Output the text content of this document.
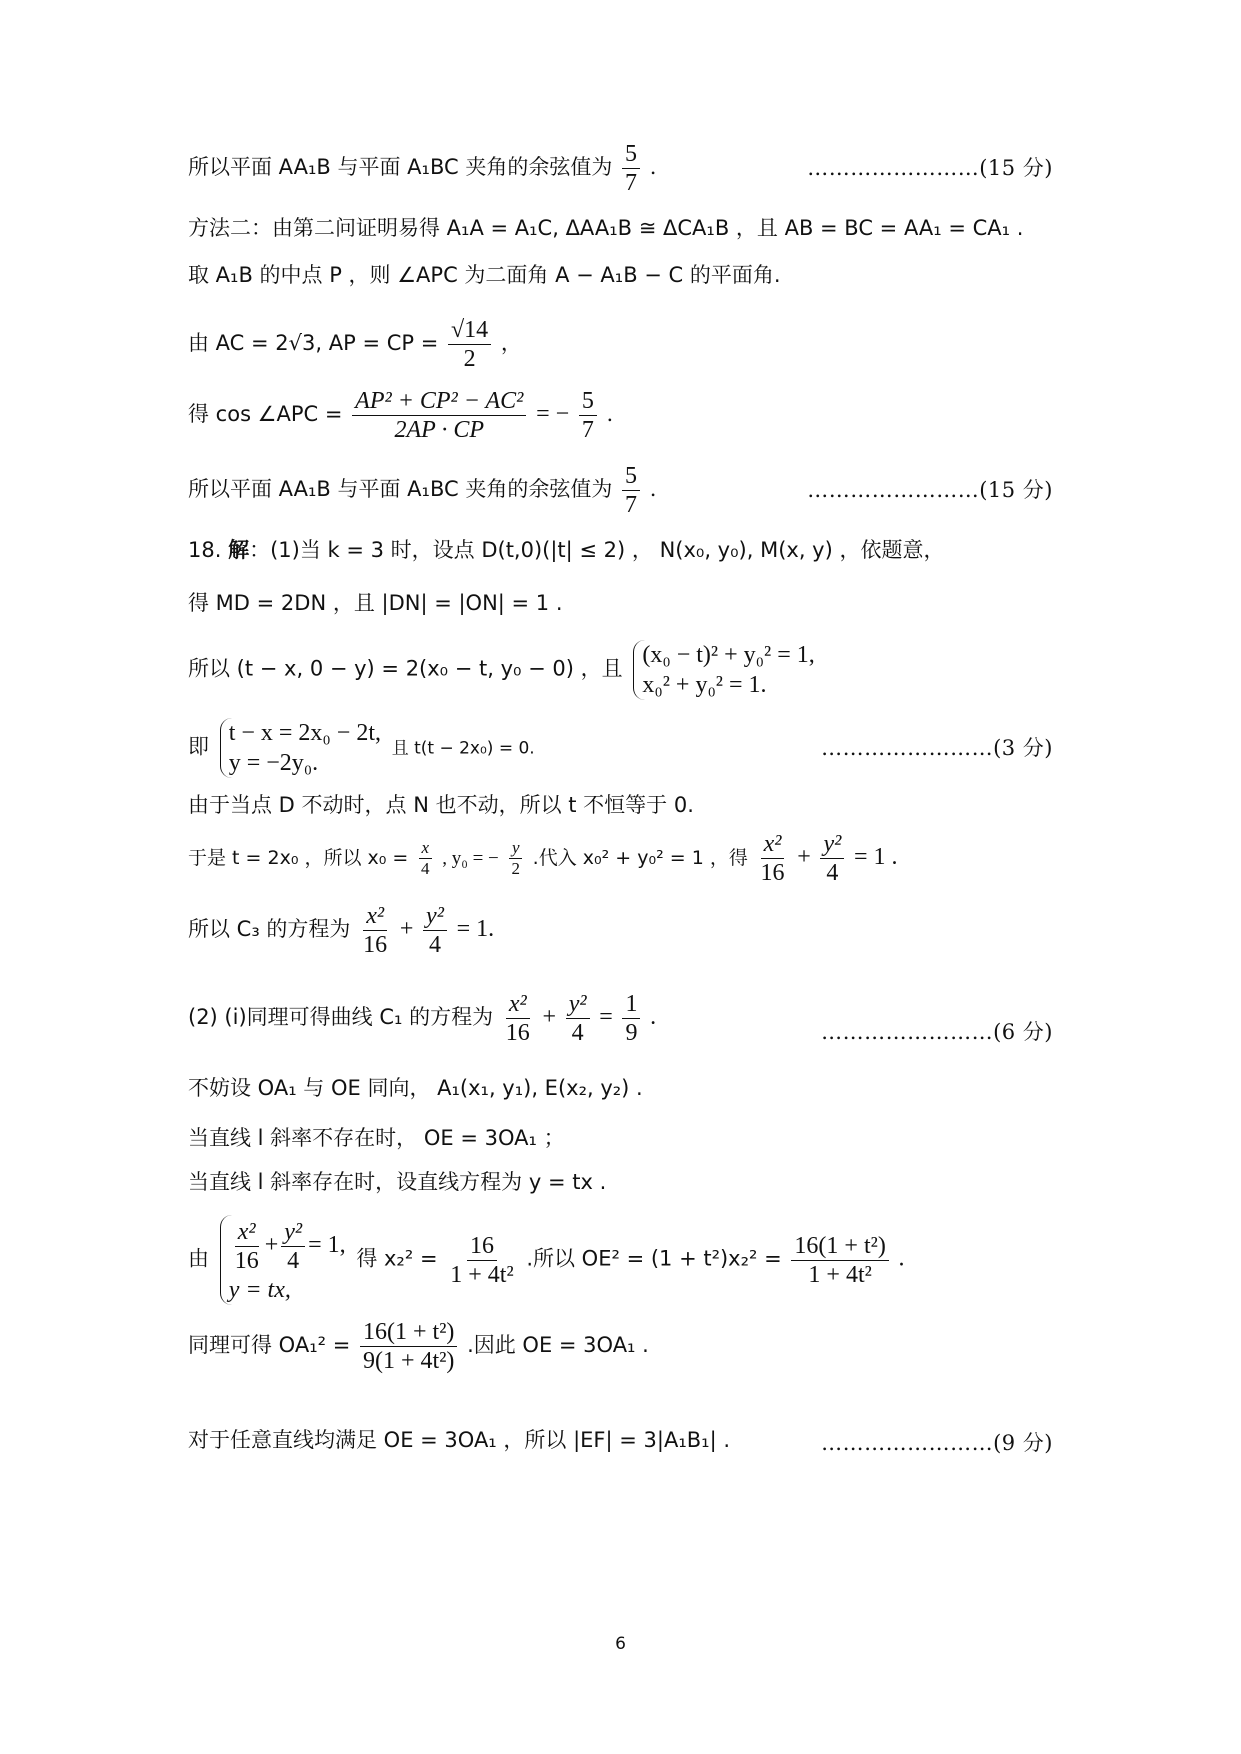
所以平面 AA₁B 与平面 A₁BC 夹角的余弦值为 $\frac{5}{7}$ .	……………………(15 分)
方法二：由第二问证明易得 A₁A = A₁C, ΔAA₁B ≅ ΔCA₁B ，且 AB = BC = AA₁ = CA₁ .
取 A₁B 的中点 P ，则 ∠APC 为二面角 A − A₁B − C 的平面角.
由 AC = 2√3, AP = CP = $\frac{√14}{2}$ ，
得 cos ∠APC = $\frac{\text{AP² + CP² − AC²}}{2AP \cdot CP}$ = − $\frac{5}{7}$ .
所以平面 AA₁B 与平面 A₁BC 夹角的余弦值为 $\frac{5}{7}$ .	……………………(15 分)
18. 解：(1)当 k = 3 时，设点 D(t,0)(|t| ≤ 2) ， N(x₀, y₀), M(x, y) ，依题意，
得 MD = 2DN ，且 |DN| = |ON| = 1 .
所以 (t − x, 0 − y) = 2(x₀ − t, y₀ − 0) ，且
(x₀ − t)² + y₀² = 1,
x₀² + y₀² = 1.
即
t − x = 2x₀ − 2t,
y = −2y₀.
且 t(t − 2x₀) = 0.	……………………(3 分)
由于当点 D 不动时，点 N 也不动，所以 t 不恒等于 0.
于是 t = 2x₀ ，所以 $x_0 = \frac{x}{4}$ , y₀ = − $\frac{y}{2}$ .代入 x₀² + y₀² = 1 ，得 $\frac{\text{x²}}{16} + \frac{\text{y²}}{4} = 1$ .
所以 C₃ 的方程为 $\frac{\text{x²}}{16} + \frac{\text{y²}}{4} = 1$.
……………………(6 分)
(2) (i)同理可得曲线 C₁ 的方程为 $\frac{\text{x²}}{16} + \frac{\text{y²}}{4} = \frac{1}{9}$ .
不妨设 OA₁ 与 OE 同向， A₁(x₁, y₁), E(x₂, y₂) .
当直线 l 斜率不存在时， OE = 3OA₁ ；
当直线 l 斜率存在时，设直线方程为 y = tx .
由 $\frac{\text{x²}}{16} + \frac{\text{y²}}{4} = 1$,
y = tx,
得 $x_2^2 = \frac{16}{\text{1 + 4t²}}$ .所以 $OE^2 = (1 + t^2)x_2^2 = \frac{\text{16(1 + t²)}}{\text{1 + 4t²}}$ .
同理可得 $OA_1^2 = \frac{\text{16(1 + t²)}}{\text{9(1 + 4t²)}}$ .因此 OE = 3OA₁ .
对于任意直线均满足 OE = 3OA₁ ，所以 |EF| = 3|A₁B₁| .	……………………(9 分)
6
